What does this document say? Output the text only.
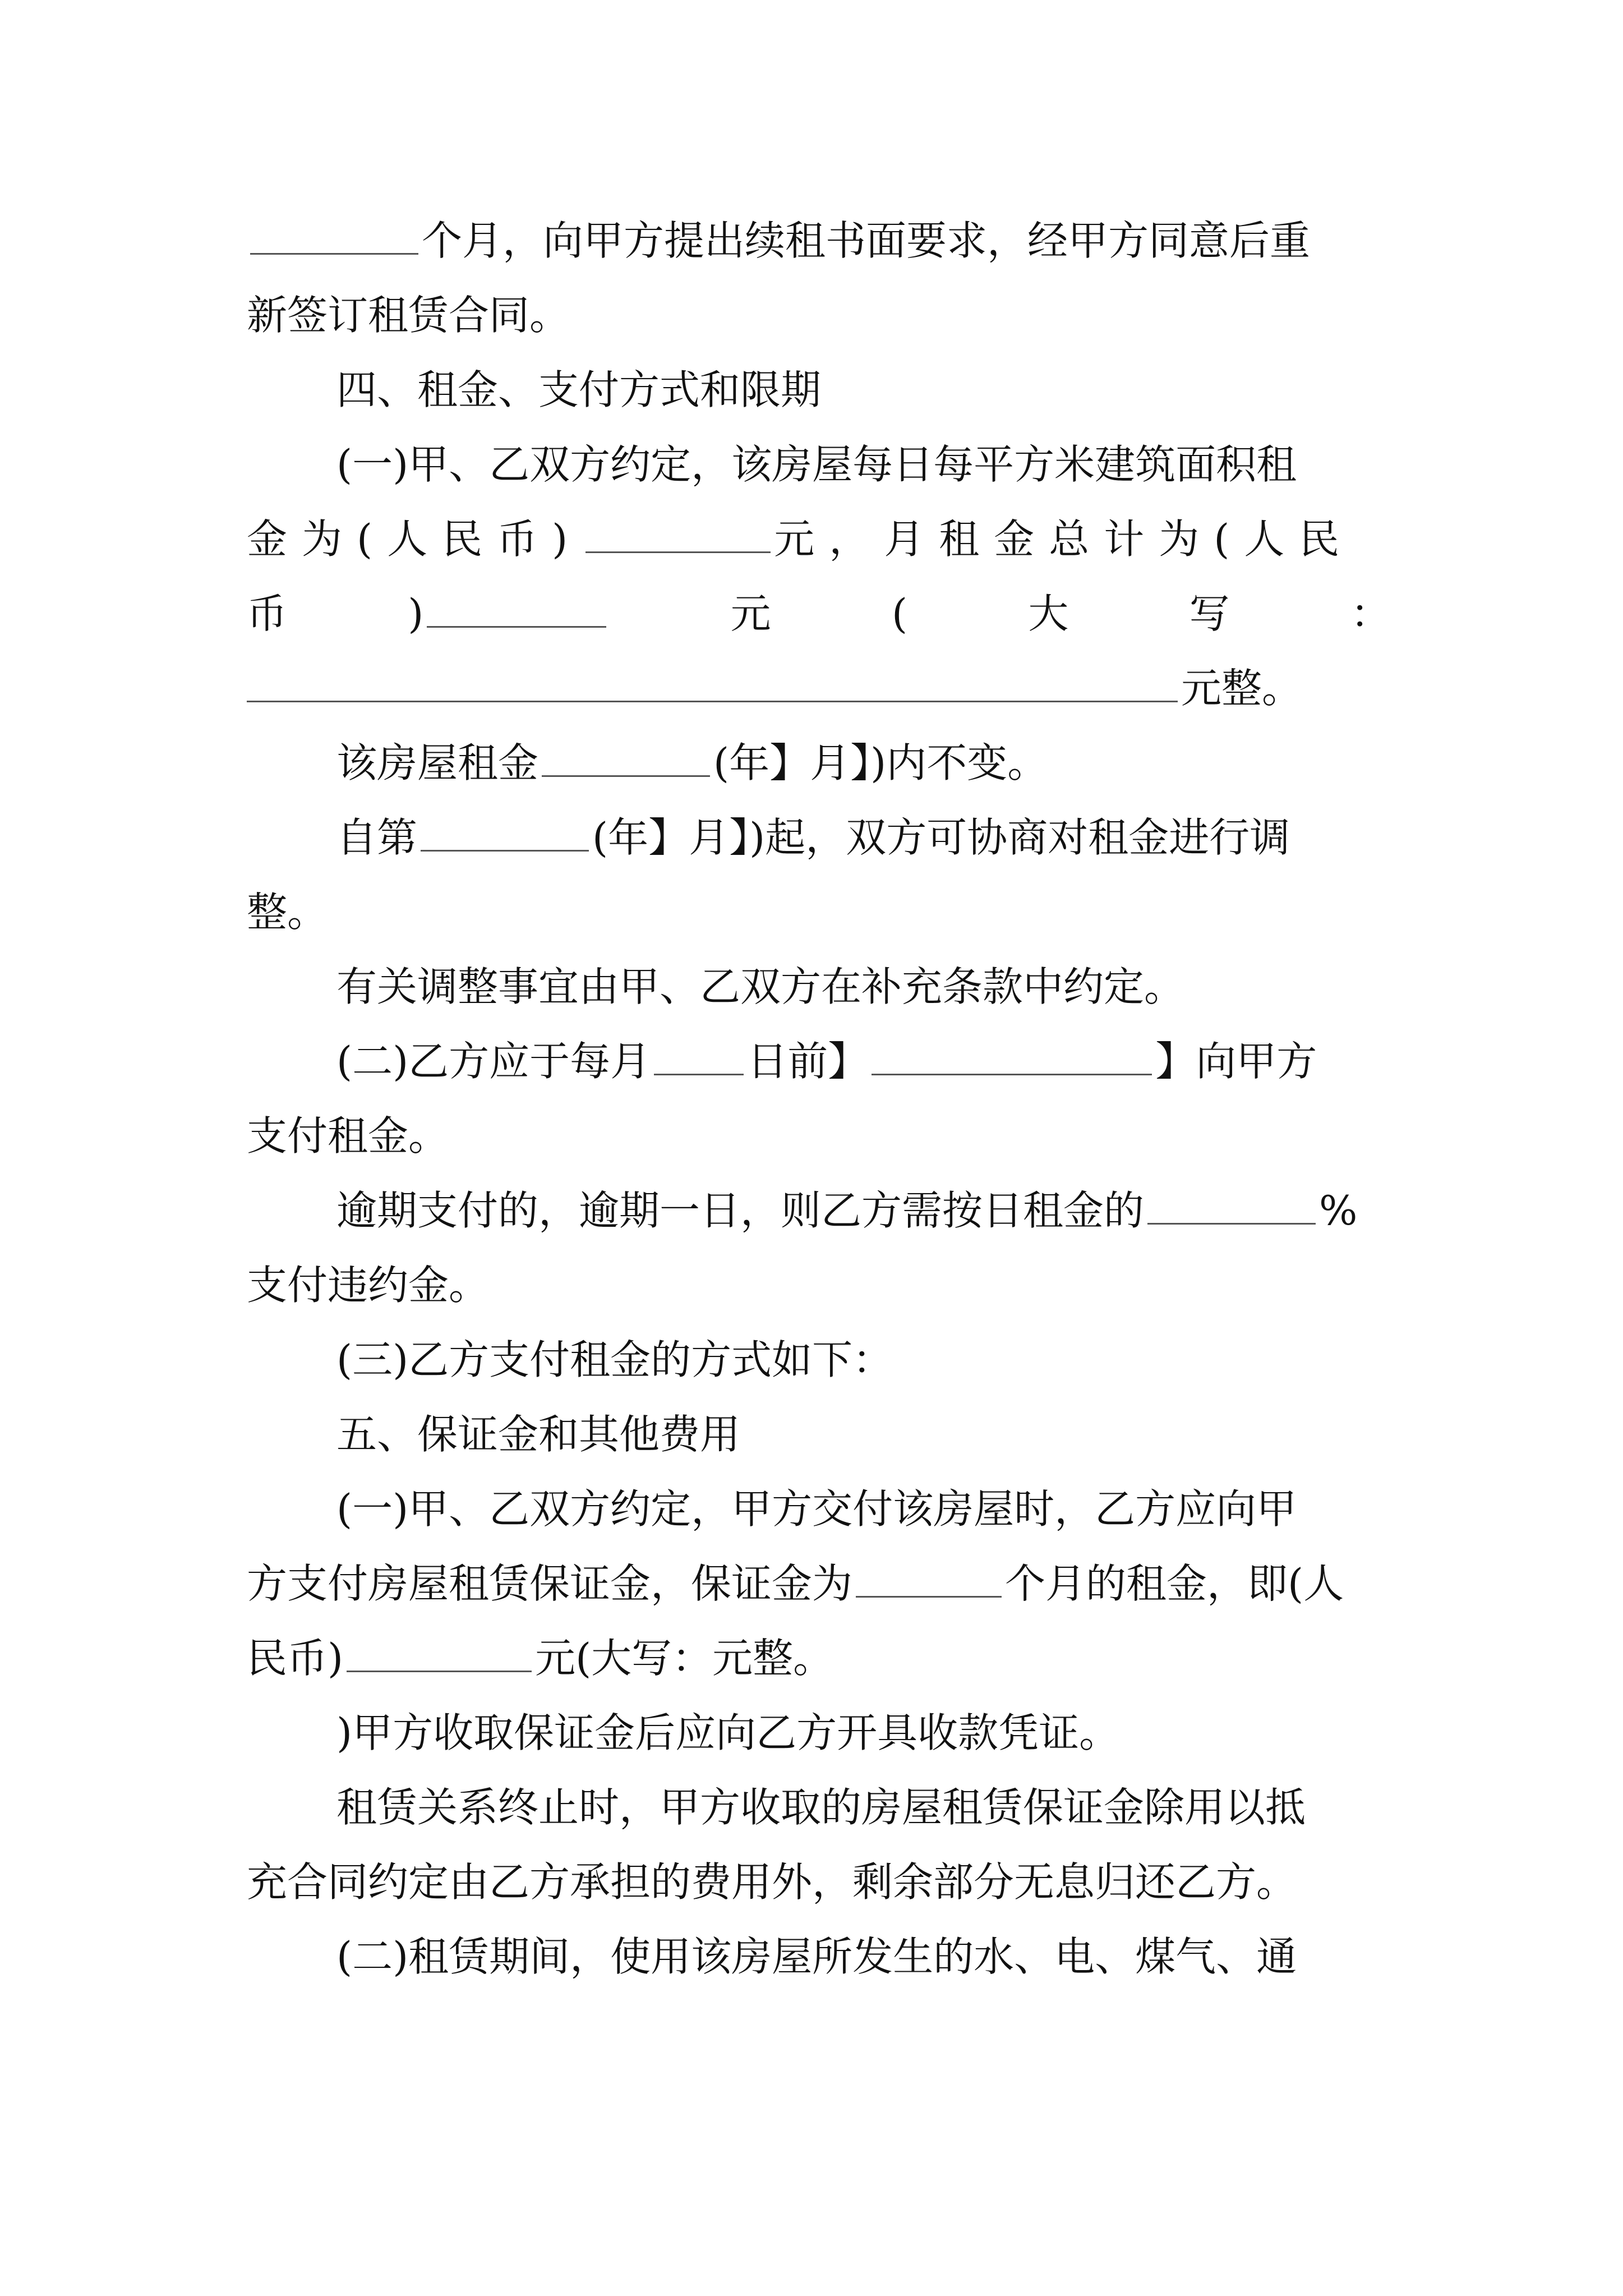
个月，向甲方提出续租书面要求，经甲方同意后重
新签订租赁合同。
四、租金、支付方式和限期
(一)甲、乙双方约定，该房屋每日每平方米建筑面积租
金为(人民币)	元，月租金总计为(人民
币	)	元	(	大	写	：
元整。
该房屋租金	(年】月】)内不变。
自第	(年】月】)起，双方可协商对租金进行调
整。
有关调整事宜由甲、乙双方在补充条款中约定。
(二)乙方应于每月 日前】	】向甲方
支付租金。
逾期支付的，逾期一日，则乙方需按日租金的	%
支付违约金。
(三)乙方支付租金的方式如下：
五、保证金和其他费用
(一)甲、乙双方约定，甲方交付该房屋时，乙方应向甲
方支付房屋租赁保证金，保证金为	个月的租金，即(人
民币)	元(大写：元整。
)甲方收取保证金后应向乙方开具收款凭证。
租赁关系终止时，甲方收取的房屋租赁保证金除用以抵
充合同约定由乙方承担的费用外，剩余部分无息归还乙方。
(二)租赁期间，使用该房屋所发生的水、电、煤气、通
